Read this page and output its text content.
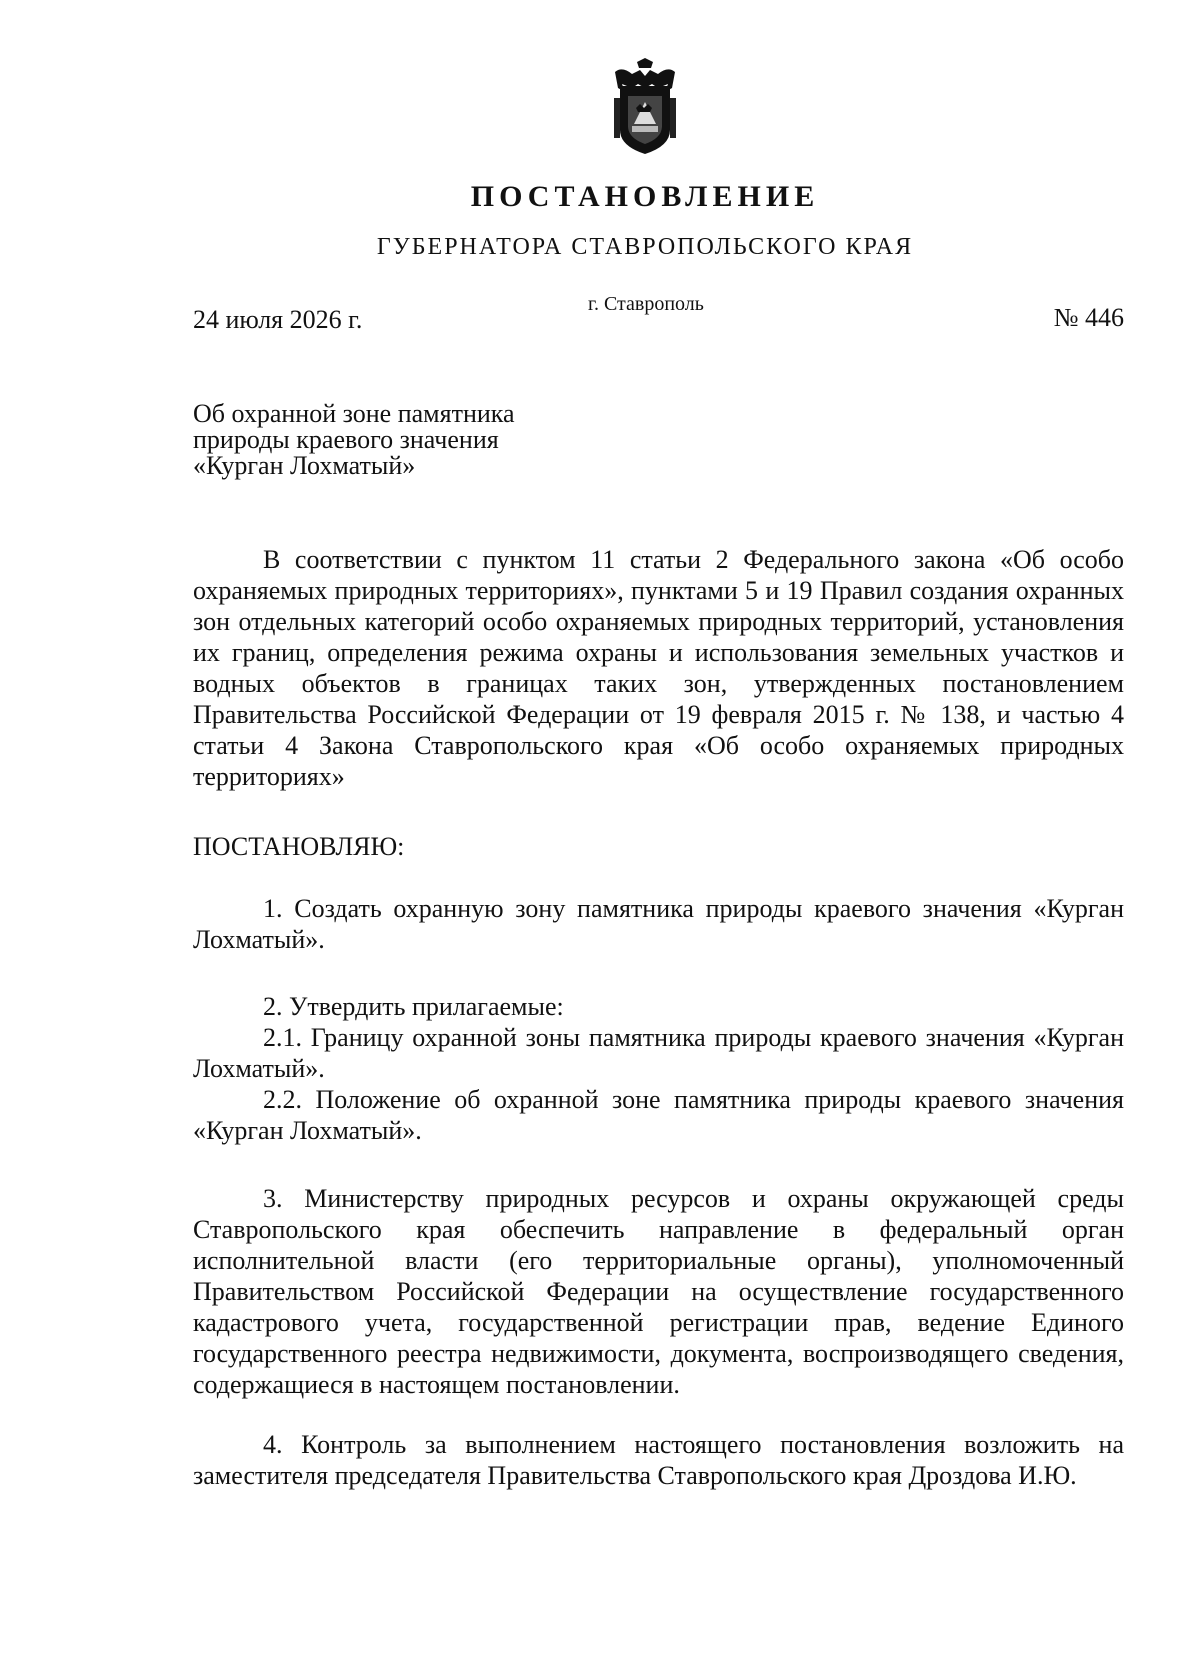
ПОСТАНОВЛЕНИЕ
ГУБЕРНАТОРА СТАВРОПОЛЬСКОГО КРАЯ
24 июля 2026 г.
г. Ставрополь	№ 446
Об охранной зоне памятника
природы краевого значения
«Курган Лохматый»
В соответствии с пунктом 11 статьи 2 Федерального закона «Об особо охраняемых природных территориях», пунктами 5 и 19 Правил создания охранных зон отдельных категорий особо охраняемых природных территорий, установления их границ, определения режима охраны и использования земельных участков и водных объектов в границах таких зон, утвержденных постановлением Правительства Российской Федерации от 19 февраля 2015 г. № 138, и частью 4 статьи 4 Закона Ставропольского края «Об особо охраняемых природных территориях»
ПОСТАНОВЛЯЮ:
1. Создать охранную зону памятника природы краевого значения «Курган Лохматый».

2. Утвердить прилагаемые:

2.1. Границу охранной зоны памятника природы краевого значения «Курган Лохматый».

2.2. Положение об охранной зоне памятника природы краевого значения «Курган Лохматый».

3. Министерству природных ресурсов и охраны окружающей среды Ставропольского края обеспечить направление в федеральный орган исполнительной власти (его территориальные органы), уполномоченный Правительством Российской Федерации на осуществление государственного кадастрового учета, государственной регистрации прав, ведение Единого государственного реестра недвижимости, документа, воспроизводящего сведения, содержащиеся в настоящем постановлении.
4. Контроль за выполнением настоящего постановления возложить на заместителя председателя Правительства Ставропольского края Дроздова И.Ю.
